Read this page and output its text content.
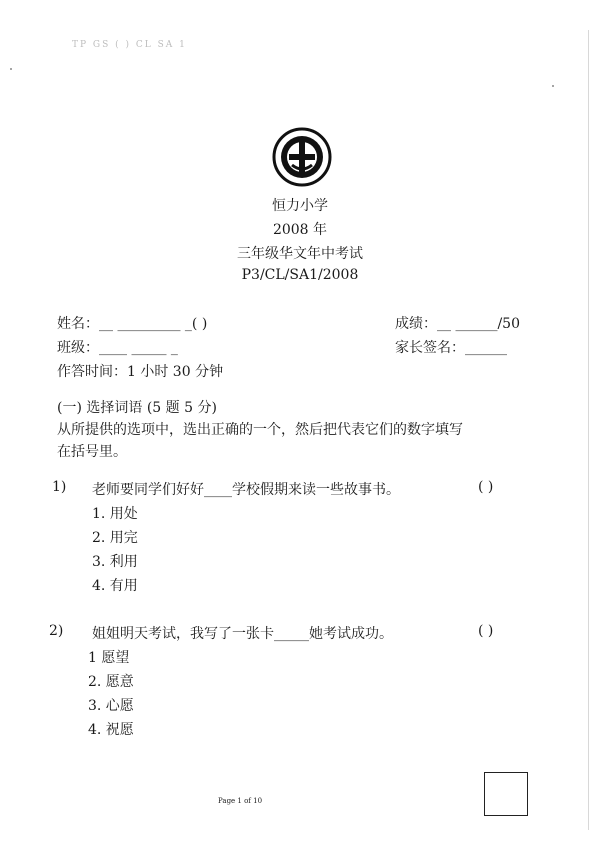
TP GS ( ) CL SA 1
恒力小学
2008 年
三年级华文年中考试
P3/CL/SA1/2008
姓名：__ _________ _( )	成绩：__ ______/50
班级：____ _____ _	家长签名：______
作答时间：1 小时 30 分钟
(一) 选择词语 (5 题 5 分)
从所提供的选项中，选出正确的一个，然后把代表它们的数字填写
在括号里。
1) 老师要同学们好好____学校假期来读一些故事书。	( )
1. 用处
2. 用完
3. 利用
4. 有用
2) 姐姐明天考试，我写了一张卡_____她考试成功。	( )
1 愿望
2. 愿意
3. 心愿
4. 祝愿
Page 1 of 10
